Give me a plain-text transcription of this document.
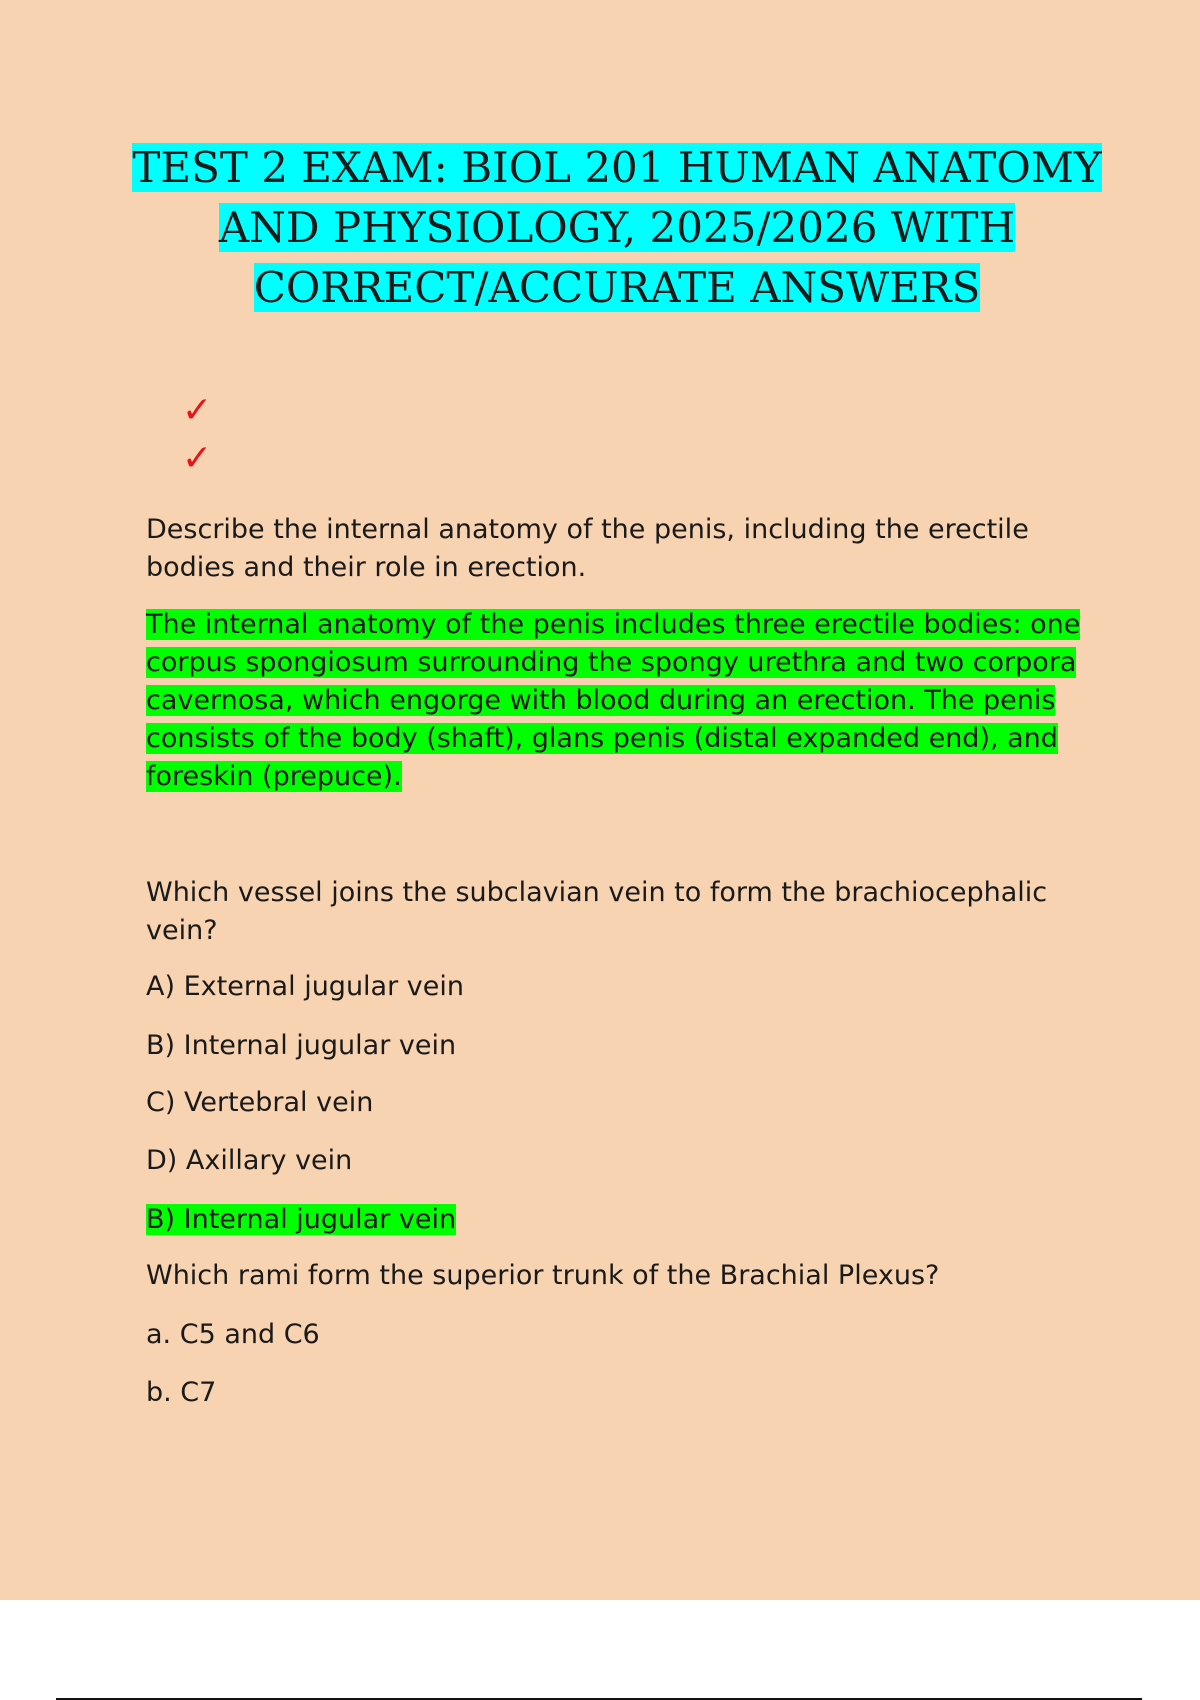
TEST 2 EXAM: BIOL 201 HUMAN ANATOMY AND PHYSIOLOGY, 2025/2026 WITH CORRECT/ACCURATE ANSWERS
✓
✓

Describe the internal anatomy of the penis, including the erectile bodies and their role in erection.

The internal anatomy of the penis includes three erectile bodies: one corpus spongiosum surrounding the spongy urethra and two corpora cavernosa, which engorge with blood during an erection. The penis consists of the body (shaft), glans penis (distal expanded end), and foreskin (prepuce).

Which vessel joins the subclavian vein to form the brachiocephalic vein?

A) External jugular vein

B) Internal jugular vein

C) Vertebral vein

D) Axillary vein

B) Internal jugular vein

Which rami form the superior trunk of the Brachial Plexus?

a. C5 and C6

b. C7
